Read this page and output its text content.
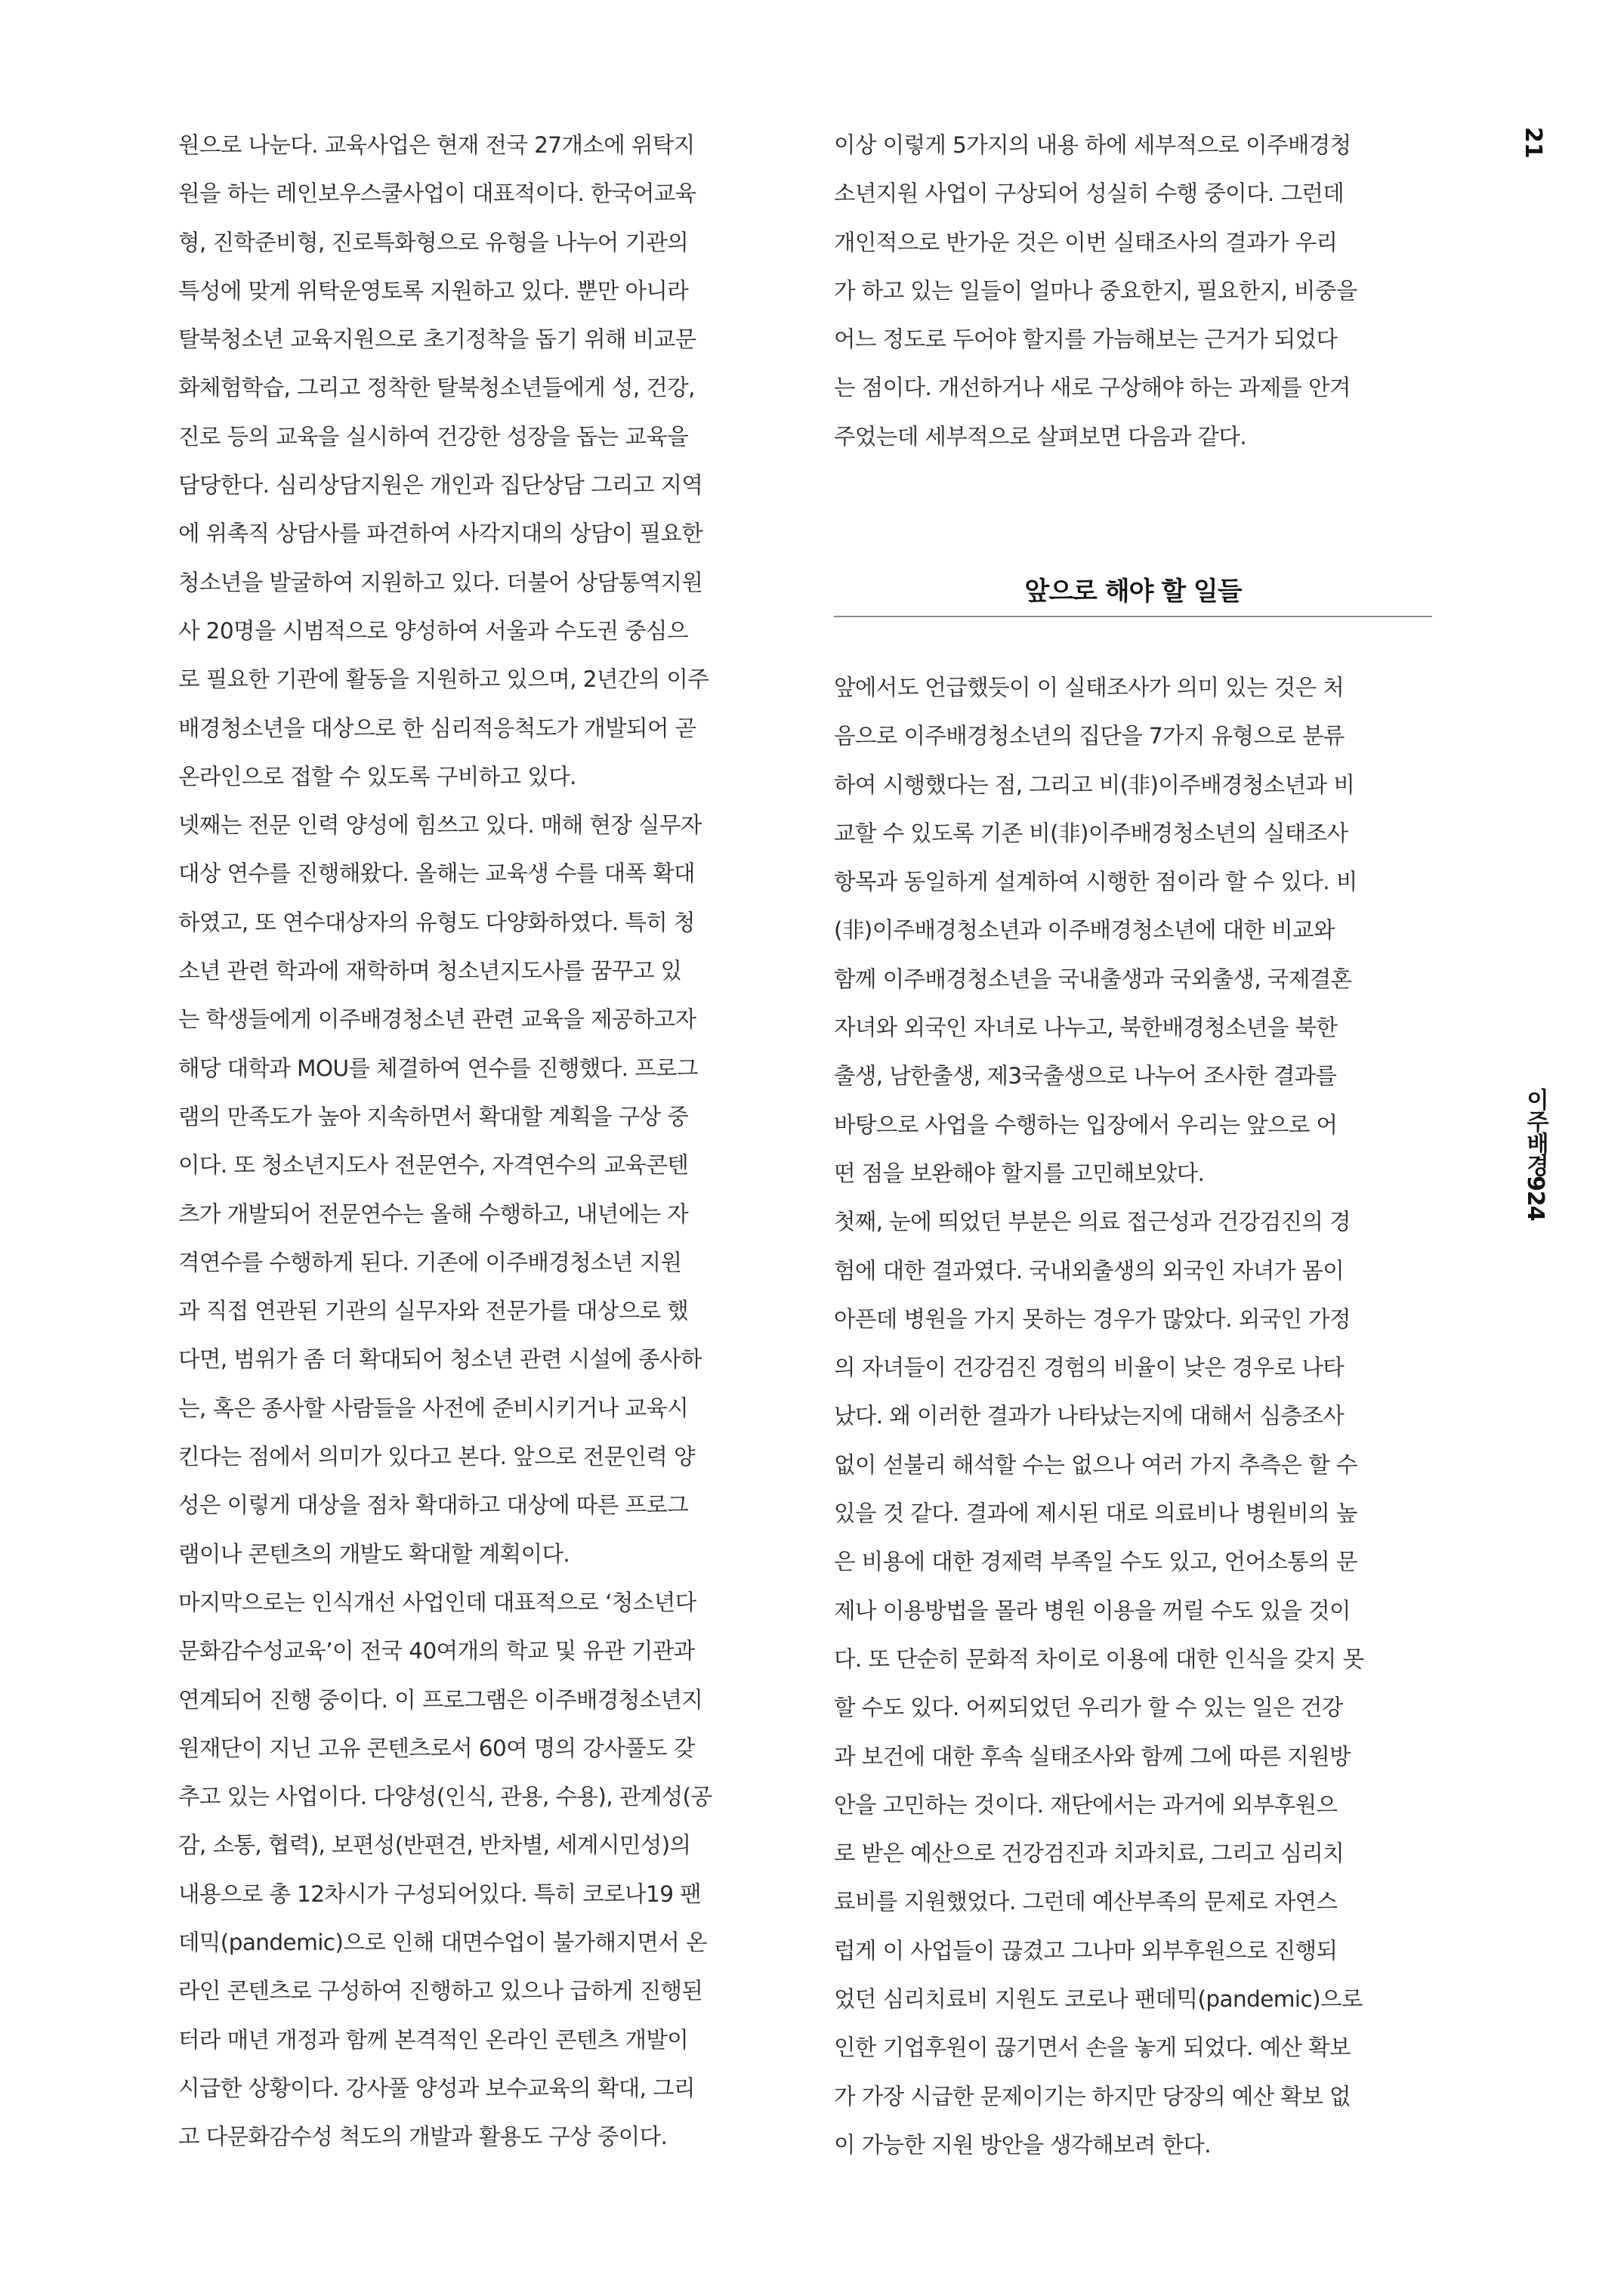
원으로 나눈다. 교육사업은 현재 전국 27개소에 위탁지
원을 하는 레인보우스쿨사업이 대표적이다. 한국어교육
형, 진학준비형, 진로특화형으로 유형을 나누어 기관의
특성에 맞게 위탁운영토록 지원하고 있다. 뿐만 아니라
탈북청소년 교육지원으로 초기정착을 돕기 위해 비교문
화체험학습, 그리고 정착한 탈북청소년들에게 성, 건강,
진로 등의 교육을 실시하여 건강한 성장을 돕는 교육을
담당한다. 심리상담지원은 개인과 집단상담 그리고 지역
에 위촉직 상담사를 파견하여 사각지대의 상담이 필요한
청소년을 발굴하여 지원하고 있다. 더불어 상담통역지원
사 20명을 시범적으로 양성하여 서울과 수도권 중심으
로 필요한 기관에 활동을 지원하고 있으며, 2년간의 이주
배경청소년을 대상으로 한 심리적응척도가 개발되어 곧
온라인으로 접할 수 있도록 구비하고 있다.
넷째는 전문 인력 양성에 힘쓰고 있다. 매해 현장 실무자
대상 연수를 진행해왔다. 올해는 교육생 수를 대폭 확대
하였고, 또 연수대상자의 유형도 다양화하였다. 특히 청
소년 관련 학과에 재학하며 청소년지도사를 꿈꾸고 있
는 학생들에게 이주배경청소년 관련 교육을 제공하고자
해당 대학과 MOU를 체결하여 연수를 진행했다. 프로그
램의 만족도가 높아 지속하면서 확대할 계획을 구상 중
이다. 또 청소년지도사 전문연수, 자격연수의 교육콘텐
츠가 개발되어 전문연수는 올해 수행하고, 내년에는 자
격연수를 수행하게 된다. 기존에 이주배경청소년 지원
과 직접 연관된 기관의 실무자와 전문가를 대상으로 했
다면, 범위가 좀 더 확대되어 청소년 관련 시설에 종사하
는, 혹은 종사할 사람들을 사전에 준비시키거나 교육시
킨다는 점에서 의미가 있다고 본다. 앞으로 전문인력 양
성은 이렇게 대상을 점차 확대하고 대상에 따른 프로그
램이나 콘텐츠의 개발도 확대할 계획이다.
마지막으로는 인식개선 사업인데 대표적으로 ‘청소년다
문화감수성교육’이 전국 40여개의 학교 및 유관 기관과
연계되어 진행 중이다. 이 프로그램은 이주배경청소년지
원재단이 지닌 고유 콘텐츠로서 60여 명의 강사풀도 갖
추고 있는 사업이다. 다양성(인식, 관용, 수용), 관계성(공
감, 소통, 협력), 보편성(반편견, 반차별, 세계시민성)의
내용으로 총 12차시가 구성되어있다. 특히 코로나19 팬
데믹(pandemic)으로 인해 대면수업이 불가해지면서 온
라인 콘텐츠로 구성하여 진행하고 있으나 급하게 진행된
터라 매년 개정과 함께 본격적인 온라인 콘텐츠 개발이
시급한 상황이다. 강사풀 양성과 보수교육의 확대, 그리
고 다문화감수성 척도의 개발과 활용도 구상 중이다.
이상 이렇게 5가지의 내용 하에 세부적으로 이주배경청
소년지원 사업이 구상되어 성실히 수행 중이다. 그런데
개인적으로 반가운 것은 이번 실태조사의 결과가 우리
가 하고 있는 일들이 얼마나 중요한지, 필요한지, 비중을
어느 정도로 두어야 할지를 가늠해보는 근거가 되었다
는 점이다. 개선하거나 새로 구상해야 하는 과제를 안겨
주었는데 세부적으로 살펴보면 다음과 같다.
앞으로 해야 할 일들
앞에서도 언급했듯이 이 실태조사가 의미 있는 것은 처
음으로 이주배경청소년의 집단을 7가지 유형으로 분류
하여 시행했다는 점, 그리고 비(非)이주배경청소년과 비
교할 수 있도록 기존 비(非)이주배경청소년의 실태조사
항목과 동일하게 설계하여 시행한 점이라 할 수 있다. 비
(非)이주배경청소년과 이주배경청소년에 대한 비교와
함께 이주배경청소년을 국내출생과 국외출생, 국제결혼
자녀와 외국인 자녀로 나누고, 북한배경청소년을 북한
출생, 남한출생, 제3국출생으로 나누어 조사한 결과를
바탕으로 사업을 수행하는 입장에서 우리는 앞으로 어
떤 점을 보완해야 할지를 고민해보았다.
첫째, 눈에 띄었던 부분은 의료 접근성과 건강검진의 경
험에 대한 결과였다. 국내외출생의 외국인 자녀가 몸이
아픈데 병원을 가지 못하는 경우가 많았다. 외국인 가정
의 자녀들이 건강검진 경험의 비율이 낮은 경우로 나타
났다. 왜 이러한 결과가 나타났는지에 대해서 심층조사
없이 섣불리 해석할 수는 없으나 여러 가지 추측은 할 수
있을 것 같다. 결과에 제시된 대로 의료비나 병원비의 높
은 비용에 대한 경제력 부족일 수도 있고, 언어소통의 문
제나 이용방법을 몰라 병원 이용을 꺼릴 수도 있을 것이
다. 또 단순히 문화적 차이로 이용에 대한 인식을 갖지 못
할 수도 있다. 어찌되었던 우리가 할 수 있는 일은 건강
과 보건에 대한 후속 실태조사와 함께 그에 따른 지원방
안을 고민하는 것이다. 재단에서는 과거에 외부후원으
로 받은 예산으로 건강검진과 치과치료, 그리고 심리치
료비를 지원했었다. 그런데 예산부족의 문제로 자연스
럽게 이 사업들이 끊겼고 그나마 외부후원으로 진행되
었던 심리치료비 지원도 코로나 팬데믹(pandemic)으로
인한 기업후원이 끊기면서 손을 놓게 되었다. 예산 확보
가 가장 시급한 문제이기는 하지만 당장의 예산 확보 없
이 가능한 지원 방안을 생각해보려 한다.
21
이주배경924
